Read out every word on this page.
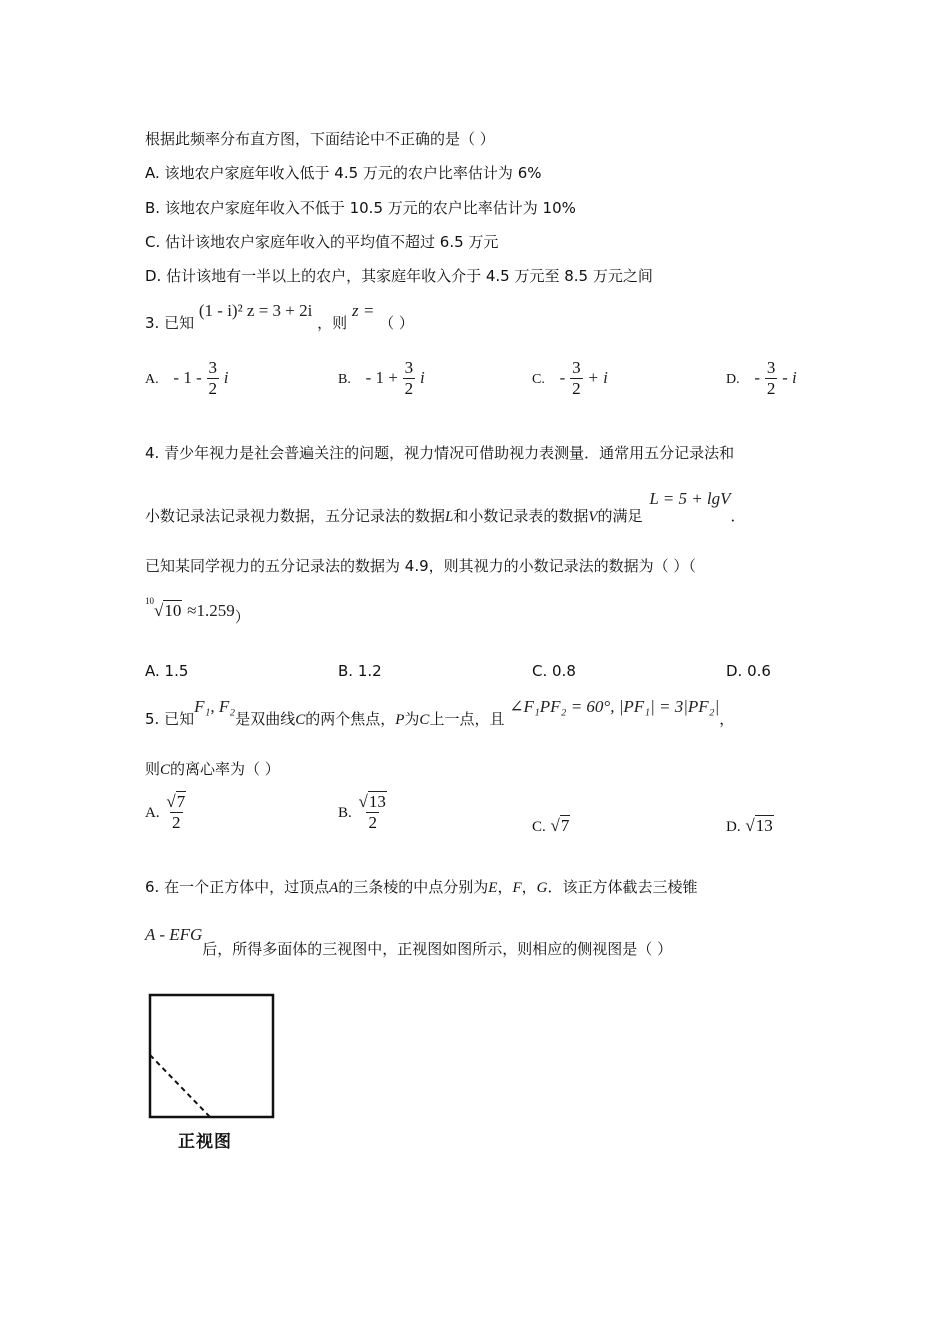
根据此频率分布直方图，下面结论中不正确的是（ ）
A. 该地农户家庭年收入低于 4.5 万元的农户比率估计为 6%
B. 该地农户家庭年收入不低于 10.5 万元的农户比率估计为 10%
C. 估计该地农户家庭年收入的平均值不超过 6.5 万元
D. 估计该地有一半以上的农户，其家庭年收入介于 4.5 万元至 8.5 万元之间
3. 已知 (1 - i)² z = 3 + 2i ，则 z = （ ）
A. - $1 - \frac{3}{2}$ i	B. - $1 + \frac{3}{2}$ i	C. - $\frac{3}{2} + i$	D. - $\frac{3}{2}$ - i
4. 青少年视力是社会普遍关注的问题，视力情况可借助视力表测量．通常用五分记录法和
小数记录法记录视力数据，五分记录法的数据L和小数记录表的数据V的满足 L = 5 + lgV．
已知某同学视力的五分记录法的数据为 4.9，则其视力的小数记录法的数据为（ ）（
$^{10}$√10 ≈1.259）
A. 1.5	B. 1.2	C. 0.8	D. 0.6
5. 已知F₁, F₂是双曲线C的两个焦点，P为C上一点，且 ∠F₁PF₂ = 60°, |PF₁| = 3|PF₂|，
则C的离心率为（ ）
A. $\frac{√7}{2}$	B. $\frac{√13}{2}$	C. √7	D. √13
6. 在一个正方体中，过顶点A的三条棱的中点分别为E，F，G．该正方体截去三棱锥
A - EFG后，所得多面体的三视图中，正视图如图所示，则相应的侧视图是（ ）
正视图
